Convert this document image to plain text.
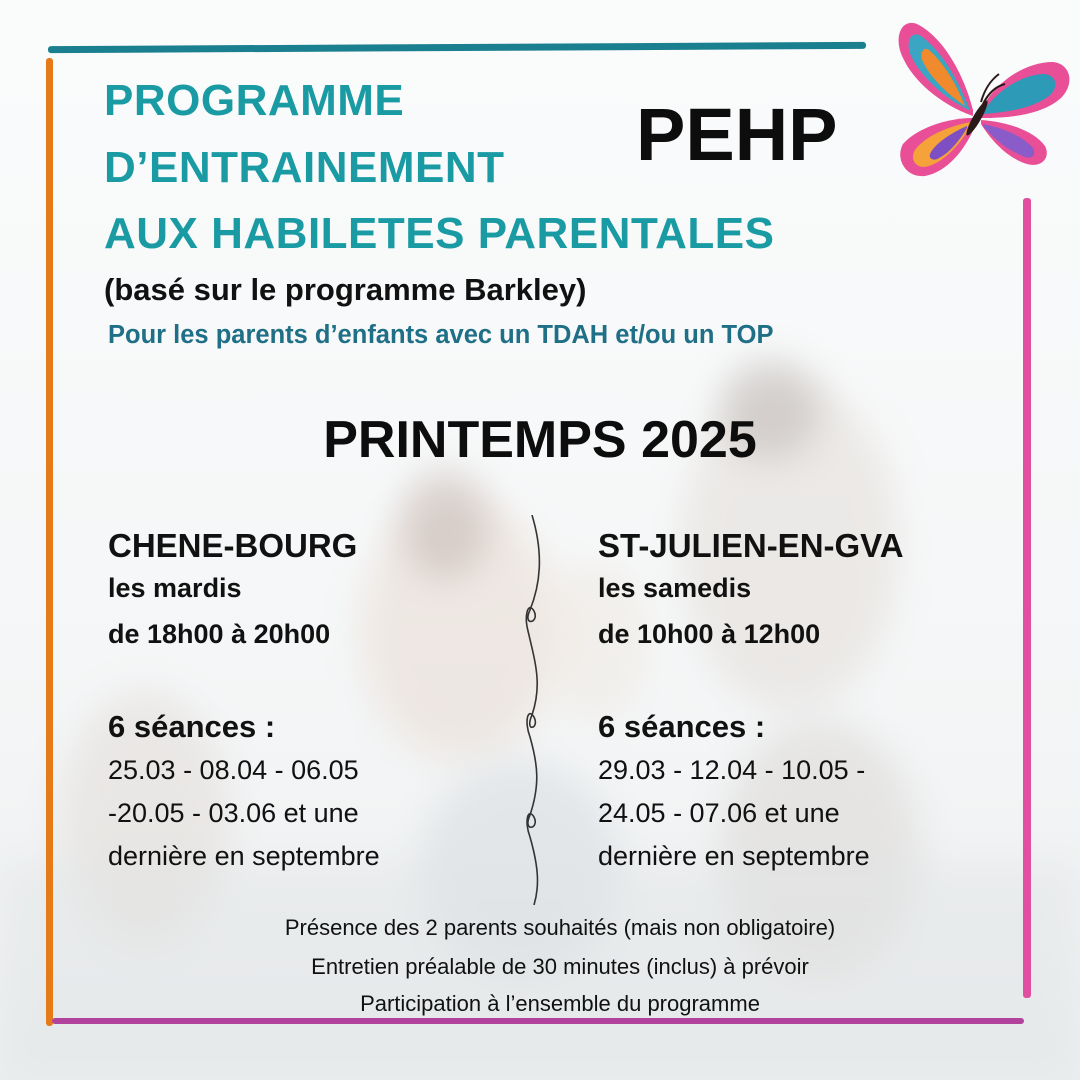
PROGRAMME
D’ENTRAINEMENT
AUX HABILETES PARENTALES
PEHP
(basé sur le programme Barkley)
Pour les parents d’enfants avec un TDAH et/ou un TOP
PRINTEMPS 2025
CHENE-BOURG
les mardis
de 18h00 à 20h00
6 séances :
25.03 - 08.04 - 06.05
-20.05 - 03.06 et une
dernière en septembre
ST-JULIEN-EN-GVA
les samedis
de 10h00 à 12h00
6 séances :
29.03 - 12.04 - 10.05 -
24.05 - 07.06 et une
dernière en septembre
Présence des 2 parents souhaités (mais non obligatoire)
Entretien préalable de 30 minutes (inclus) à prévoir
Participation à l’ensemble du programme
